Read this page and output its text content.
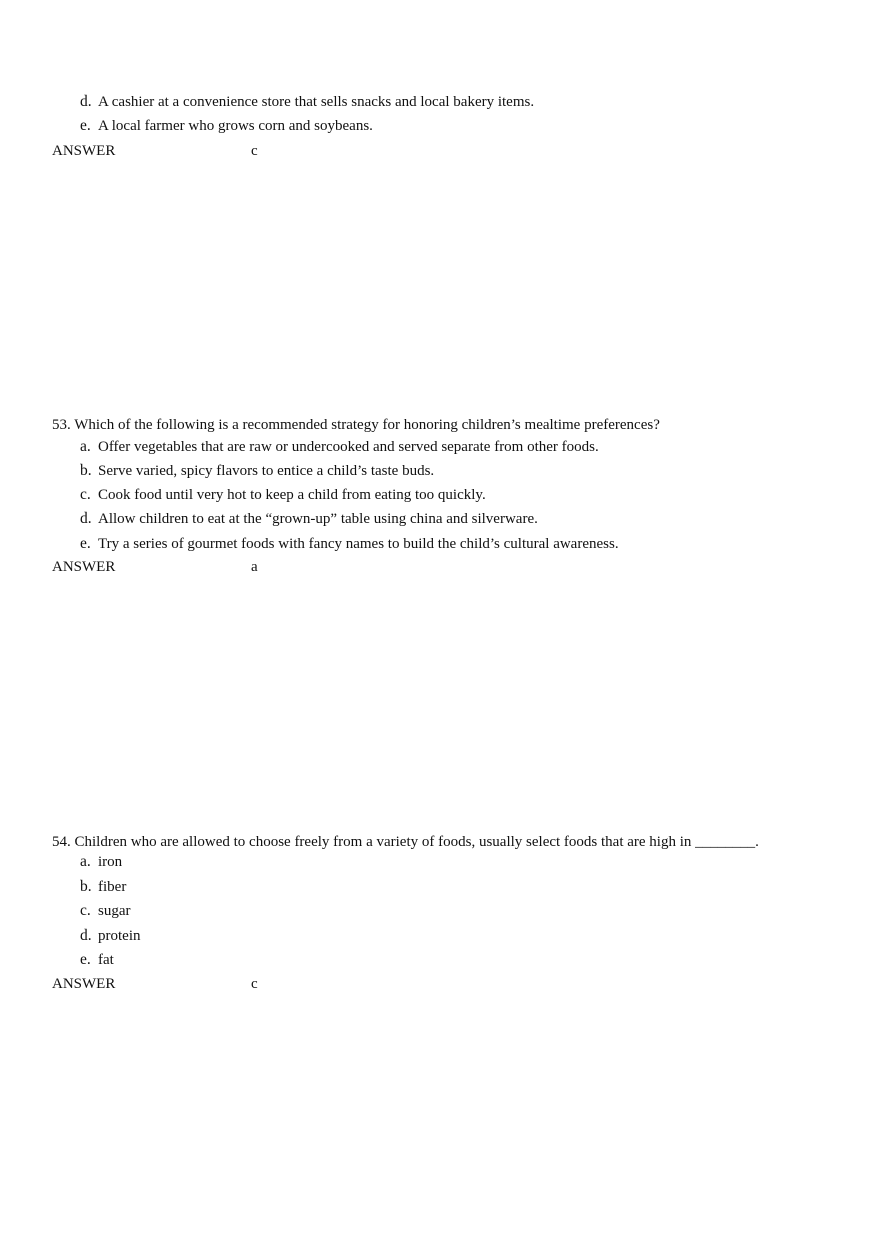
d. A cashier at a convenience store that sells snacks and local bakery items.
e. A local farmer who grows corn and soybeans.
ANSWER	c
53. Which of the following is a recommended strategy for honoring children’s mealtime preferences?
a. Offer vegetables that are raw or undercooked and served separate from other foods.
b. Serve varied, spicy flavors to entice a child’s taste buds.
c. Cook food until very hot to keep a child from eating too quickly.
d. Allow children to eat at the “grown-up” table using china and silverware.
e. Try a series of gourmet foods with fancy names to build the child’s cultural awareness.
ANSWER	a
54. Children who are allowed to choose freely from a variety of foods, usually select foods that are high in ________.
a. iron
b. fiber
c. sugar
d. protein
e. fat
ANSWER	c
